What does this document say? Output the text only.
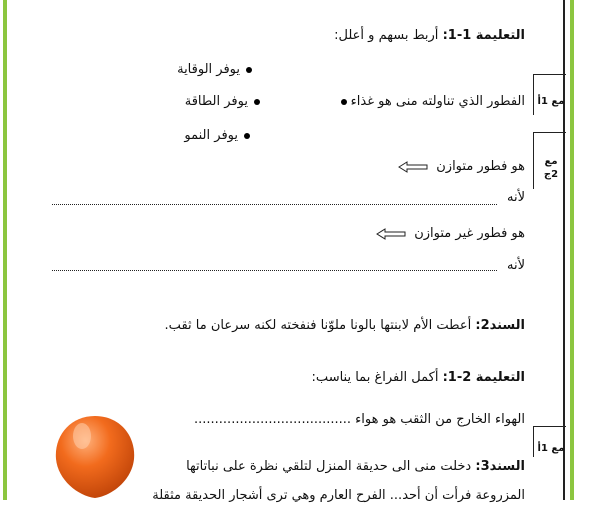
مع 1أ
مع 2ج
مع 1أ
التعليمة 1-1: أربط بسهم و أعلل:
يوفر الوقاية
يوفر الطاقة
يوفر النمو
الفطور الذي تناولته منى هو غذاء
هو فطور متوازن
لأنه
هو فطور غير متوازن
لأنه
السند2: أعطت الأم لابنتها بالونا ملوّنا فنفخته لكنه سرعان ما ثقب.
التعليمة 2-1: أكمل الفراغ بما يناسب:
الهواء الخارج من الثقب هو هواء ......................................
السند3: دخلت منى الى حديقة المنزل لتلقي نظرة على نباتاتها
المزروعة فرأت أن أحد... الفرح العارم وهي ترى أشجار الحديقة مثقلة
